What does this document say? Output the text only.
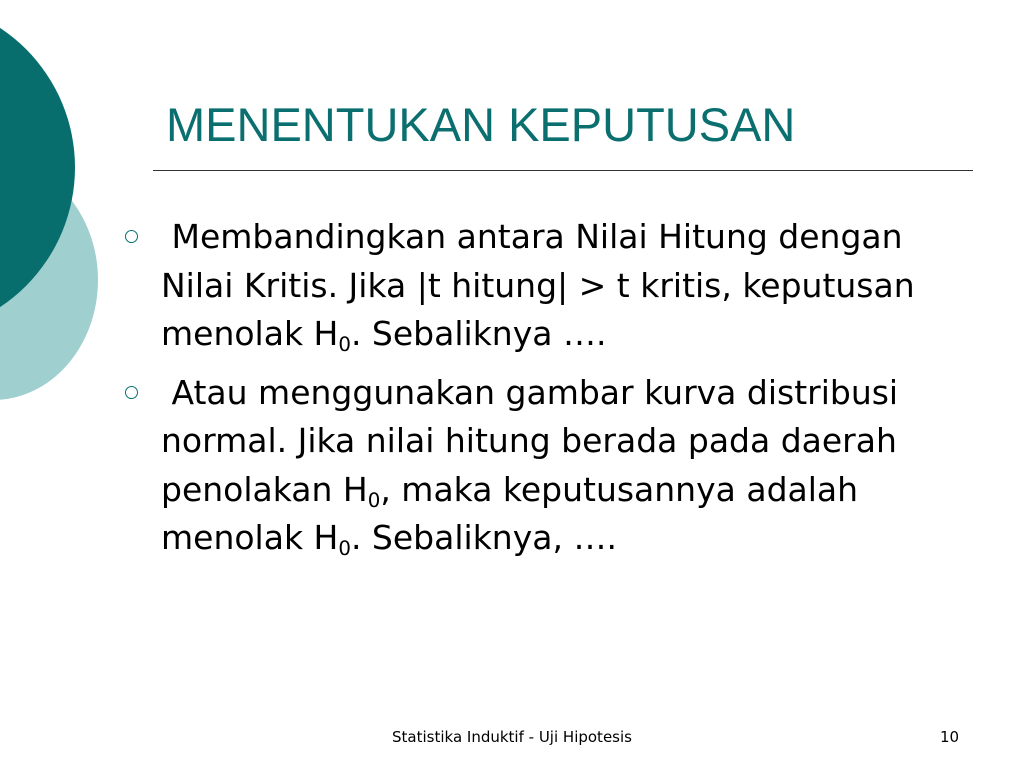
MENENTUKAN KEPUTUSAN
Membandingkan antara Nilai Hitung dengan Nilai Kritis. Jika |t hitung| > t kritis, keputusan menolak $H_0$. Sebaliknya ….
Atau menggunakan gambar kurva distribusi normal. Jika nilai hitung berada pada daerah penolakan $H_0$, maka keputusannya adalah menolak $H_0$. Sebaliknya, ….
Statistika Induktif - Uji Hipotesis	10
